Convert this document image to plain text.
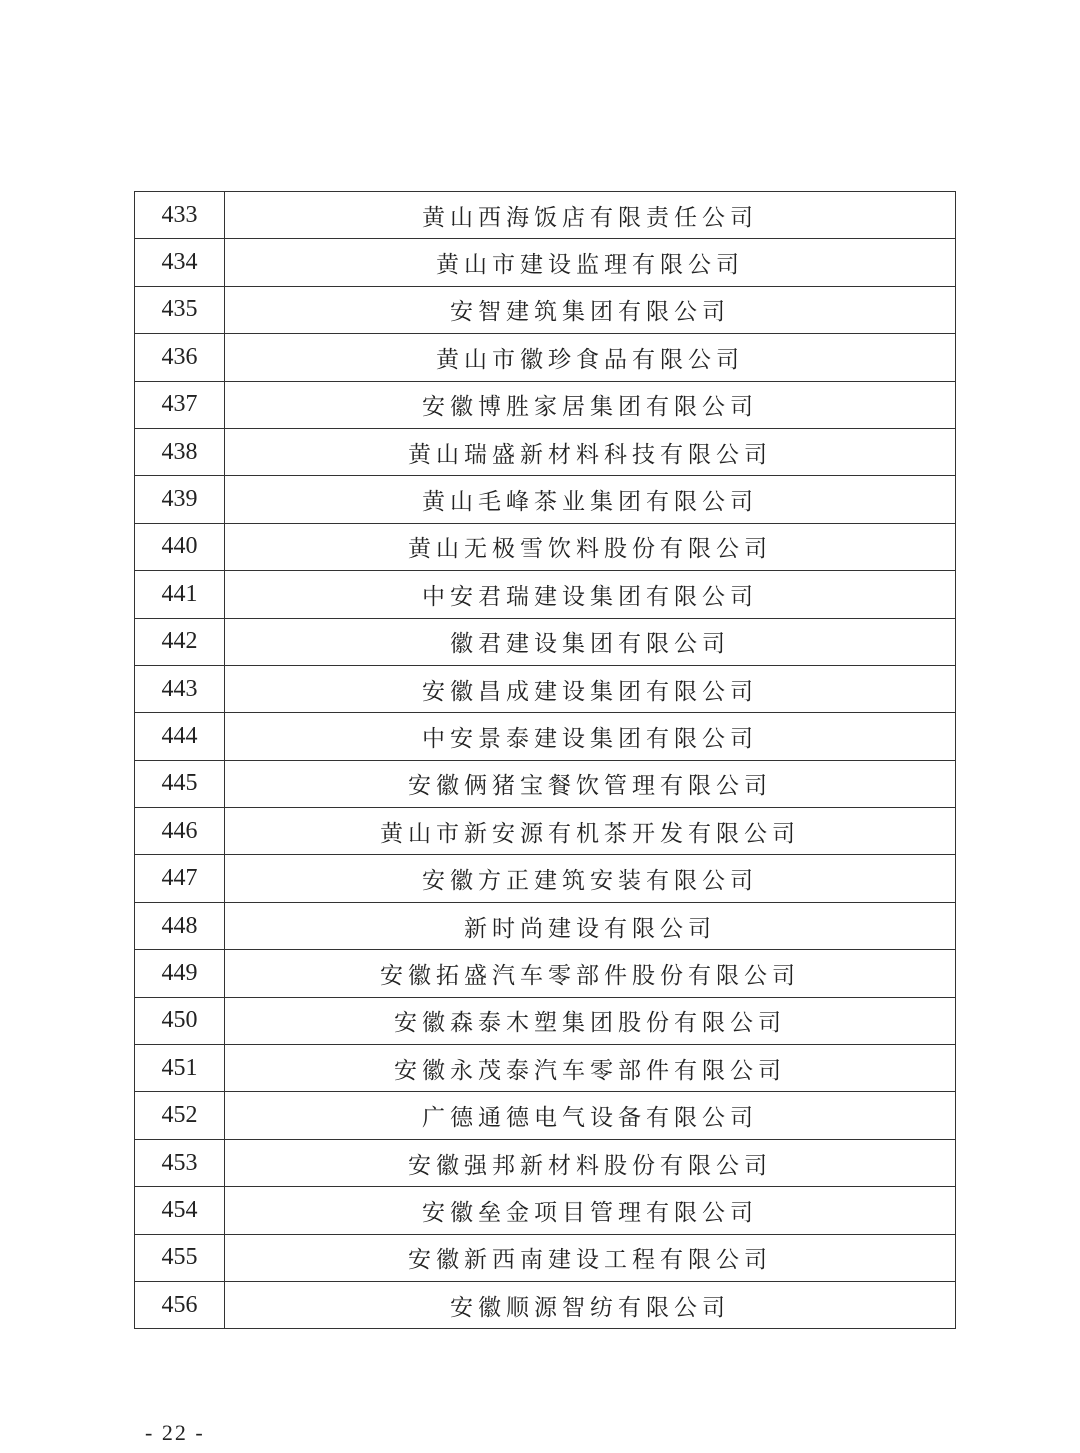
433	黄山西海饭店有限责任公司
434	黄山市建设监理有限公司
435	安智建筑集团有限公司
436	黄山市徽珍食品有限公司
437	安徽博胜家居集团有限公司
438	黄山瑞盛新材料科技有限公司
439	黄山毛峰茶业集团有限公司
440	黄山无极雪饮料股份有限公司
441	中安君瑞建设集团有限公司
442	徽君建设集团有限公司
443	安徽昌成建设集团有限公司
444	中安景泰建设集团有限公司
445	安徽俩猪宝餐饮管理有限公司
446	黄山市新安源有机茶开发有限公司
447	安徽方正建筑安装有限公司
448	新时尚建设有限公司
449	安徽拓盛汽车零部件股份有限公司
450	安徽森泰木塑集团股份有限公司
451	安徽永茂泰汽车零部件有限公司
452	广德通德电气设备有限公司
453	安徽强邦新材料股份有限公司
454	安徽垒金项目管理有限公司
455	安徽新西南建设工程有限公司
456	安徽顺源智纺有限公司
- 22 -
